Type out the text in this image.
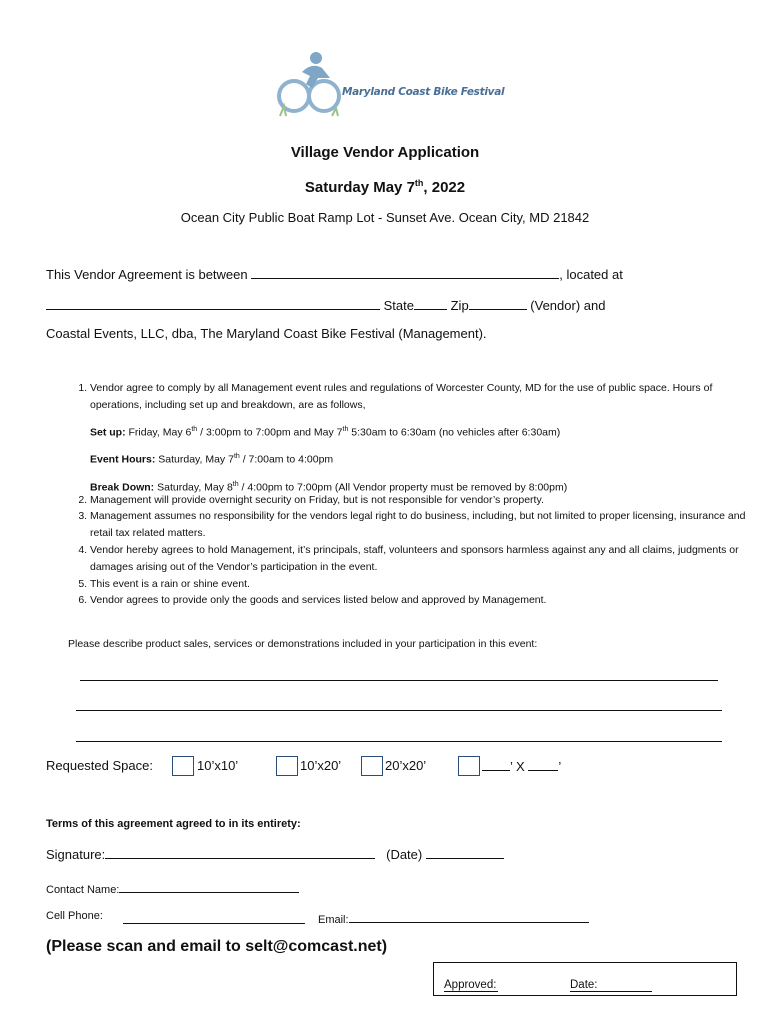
Maryland Coast Bike Festival
Village Vendor Application
Saturday May 7th, 2022
Ocean City Public Boat Ramp Lot - Sunset Ave. Ocean City, MD 21842
This Vendor Agreement is between	, located at
State	Zip	(Vendor) and
Coastal Events, LLC, dba, The Maryland Coast Bike Festival (Management).
1. Vendor agree to comply by all Management event rules and regulations of Worcester County, MD for the use of public space. Hours of operations, including set up and breakdown, are as follows,
2. Management will provide overnight security on Friday, but is not responsible for vendor’s property.
3. Management assumes no responsibility for the vendors legal right to do business, including, but not limited to proper licensing, insurance and retail tax related matters.
4. Vendor hereby agrees to hold Management, it’s principals, staff, volunteers and sponsors harmless against any and all claims, judgments or damages arising out of the Vendor’s participation in the event.
5. This event is a rain or shine event.
6. Vendor agrees to provide only the goods and services listed below and approved by Management.
Set up: Friday, May 6th / 3:00pm to 7:00pm and May 7th 5:30am to 6:30am (no vehicles after 6:30am)
Event Hours: Saturday, May 7th / 7:00am to 4:00pm
Break Down: Saturday, May 8th / 4:00pm to 7:00pm (All Vendor property must be removed by 8:00pm)
Please describe product sales, services or demonstrations included in your participation in this event:
Requested Space:	10’x10’	10’x20’	20’x20’	’ X	’
Terms of this agreement agreed to in its entirety:
Signature:	(Date)
Contact Name:
Cell Phone:	Email:
(Please scan and email to selt@comcast.net)
Approved:	Date:
